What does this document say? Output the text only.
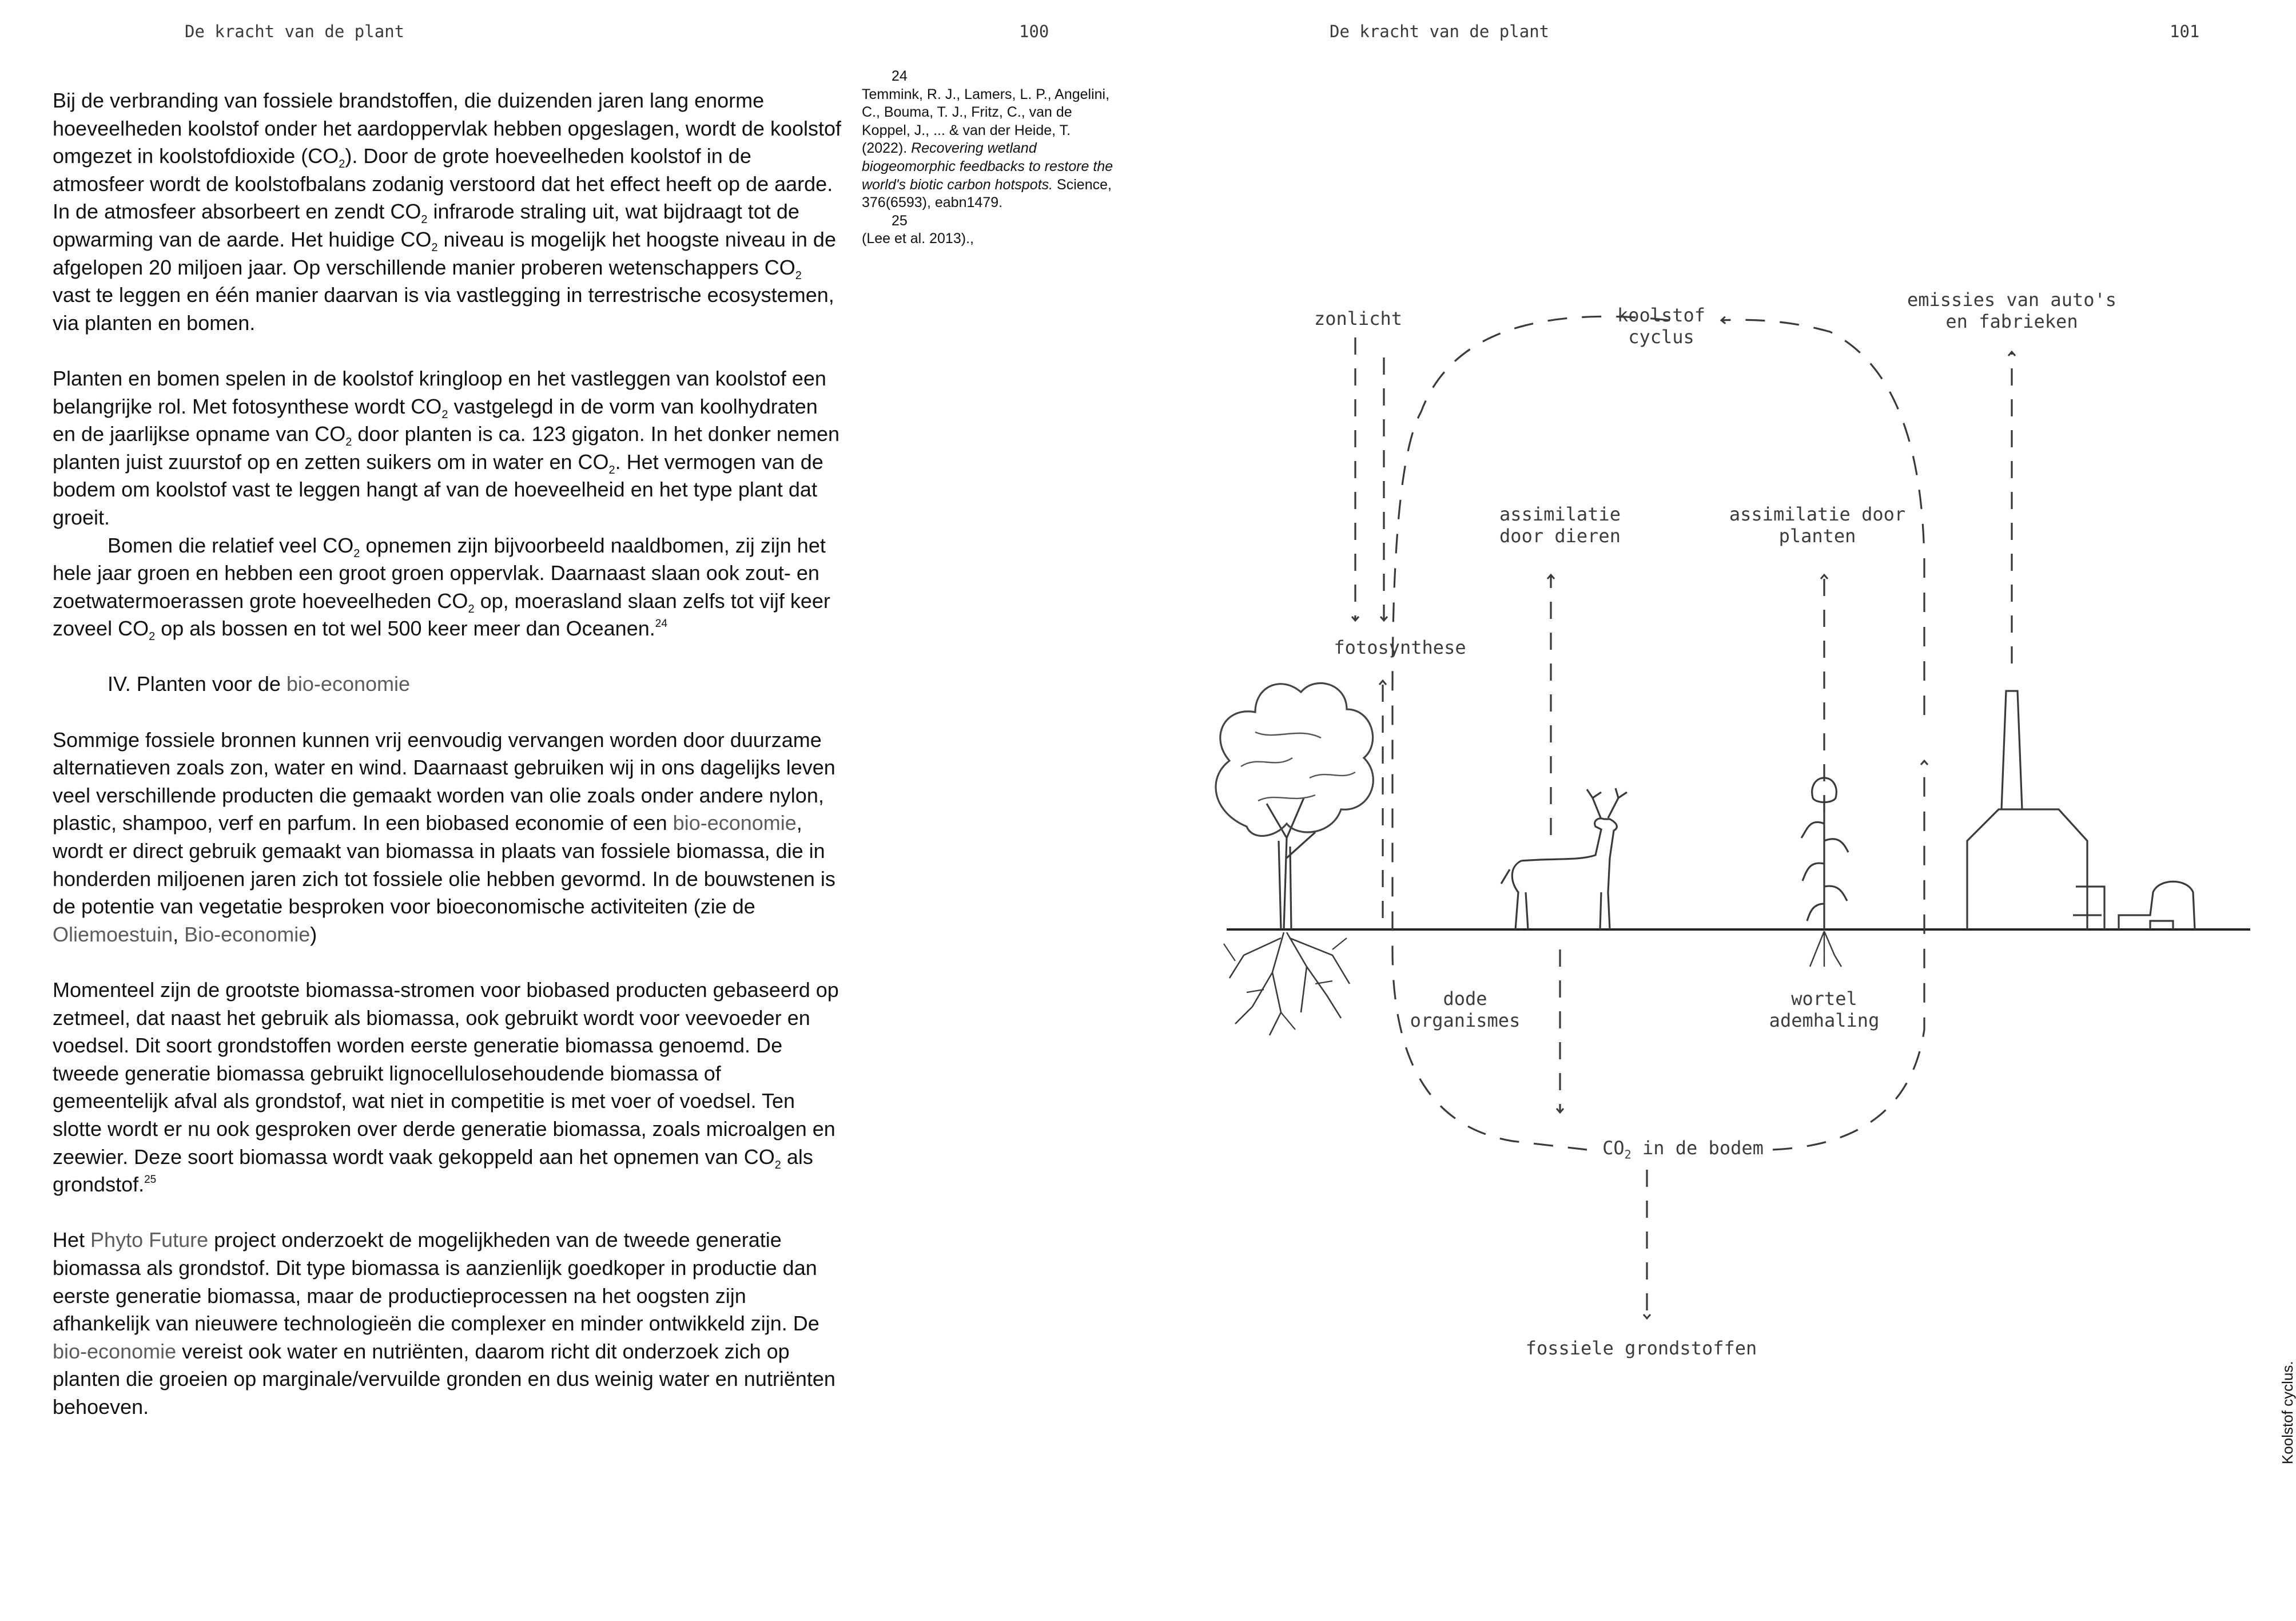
De kracht van de plant	100	De kracht van de plant	101

Bij de verbranding van fossiele brandstoffen, die duizenden jaren lang enorme hoeveelheden koolstof onder het aardoppervlak hebben opgeslagen, wordt de koolstof omgezet in koolstofdioxide $(CO_2)$. Door de grote hoeveelheden koolstof in de atmosfeer wordt de koolstofbalans zodanig verstoord dat het effect heeft op de aarde. In de atmosfeer absorbeert en zendt $CO_2$ infrarode straling uit, wat bijdraagt tot de opwarming van de aarde. Het huidige $CO_2$ niveau is mogelijk het hoogste niveau in de afgelopen 20 miljoen jaar. Op verschillende manier proberen wetenschappers $CO_2$ vast te leggen en één manier daarvan is via vastlegging in terrestrische ecosystemen, via planten en bomen.

Planten en bomen spelen in de koolstof kringloop en het vastleggen van koolstof een belangrijke rol. Met fotosynthese wordt $CO_2$ vastgelegd in de vorm van koolhydraten en de jaarlijkse opname van $CO_2$ door planten is ca. 123 gigaton. In het donker nemen planten juist zuurstof op en zetten suikers om in water en $CO_2$. Het vermogen van de bodem om koolstof vast te leggen hangt af van de hoeveelheid en het type plant dat groeit.

Bomen die relatief veel $CO_2$ opnemen zijn bijvoorbeeld naaldbomen, zij zijn het hele jaar groen en hebben een groot groen oppervlak. Daarnaast slaan ook zout- en zoetwatermoerassen grote hoeveelheden $CO_2$ op, moerasland slaan zelfs tot vijf keer zoveel $CO_2$ op als bossen en tot wel 500 keer meer dan Oceanen.$^{24}$

IV. Planten voor de bio-economie

Sommige fossiele bronnen kunnen vrij eenvoudig vervangen worden door duurzame alternatieven zoals zon, water en wind. Daarnaast gebruiken wij in ons dagelijks leven veel verschillende producten die gemaakt worden van olie zoals onder andere nylon, plastic, shampoo, verf en parfum. In een biobased economie of een bio-economie, wordt er direct gebruik gemaakt van biomassa in plaats van fossiele biomassa, die in honderden miljoenen jaren zich tot fossiele olie hebben gevormd. In de bouwstenen is de potentie van vegetatie besproken voor bioeconomische activiteiten (zie de Oliemoestuin, Bio-economie)

Momenteel zijn de grootste biomassa-stromen voor biobased producten gebaseerd op zetmeel, dat naast het gebruik als biomassa, ook gebruikt wordt voor veevoeder en voedsel. Dit soort grondstoffen worden eerste generatie biomassa genoemd. De tweede generatie biomassa gebruikt lignocellulosehoudende biomassa of gemeentelijk afval als grondstof, wat niet in competitie is met voer of voedsel. Ten slotte wordt er nu ook gesproken over derde generatie biomassa, zoals microalgen en zeewier. Deze soort biomassa wordt vaak gekoppeld aan het opnemen van $CO_2$ als grondstof.$^{25}$

Het Phyto Future project onderzoekt de mogelijkheden van de tweede generatie biomassa als grondstof. Dit type biomassa is aanzienlijk goedkoper in productie dan eerste generatie biomassa, maar de productieprocessen na het oogsten zijn afhankelijk van nieuwere technologieën die complexer en minder ontwikkeld zijn. De bio-economie vereist ook water en nutriënten, daarom richt dit onderzoek zich op planten die groeien op marginale/vervuilde gronden en dus weinig water en nutriënten behoeven.

24

Temmink, R. J., Lamers, L. P., Angelini, C., Bouma, T. J., Fritz, C., van de Koppel, J., ... & van der Heide, T. (2022). Recovering wetland biogeomorphic feedbacks to restore the world's biotic carbon hotspots. Science, 376(6593), eabn1479.

25

(Lee et al. 2013).,

zonlicht	koolstof
cyclus
emissies van auto's
en fabrieken
assimilatie
door dieren
assimilatie door
planten
fotosynthese
dode
organismes
wortel
ademhaling
$CO_2$ in de bodem
fossiele grondstoffen
Koolstof cyclus.
